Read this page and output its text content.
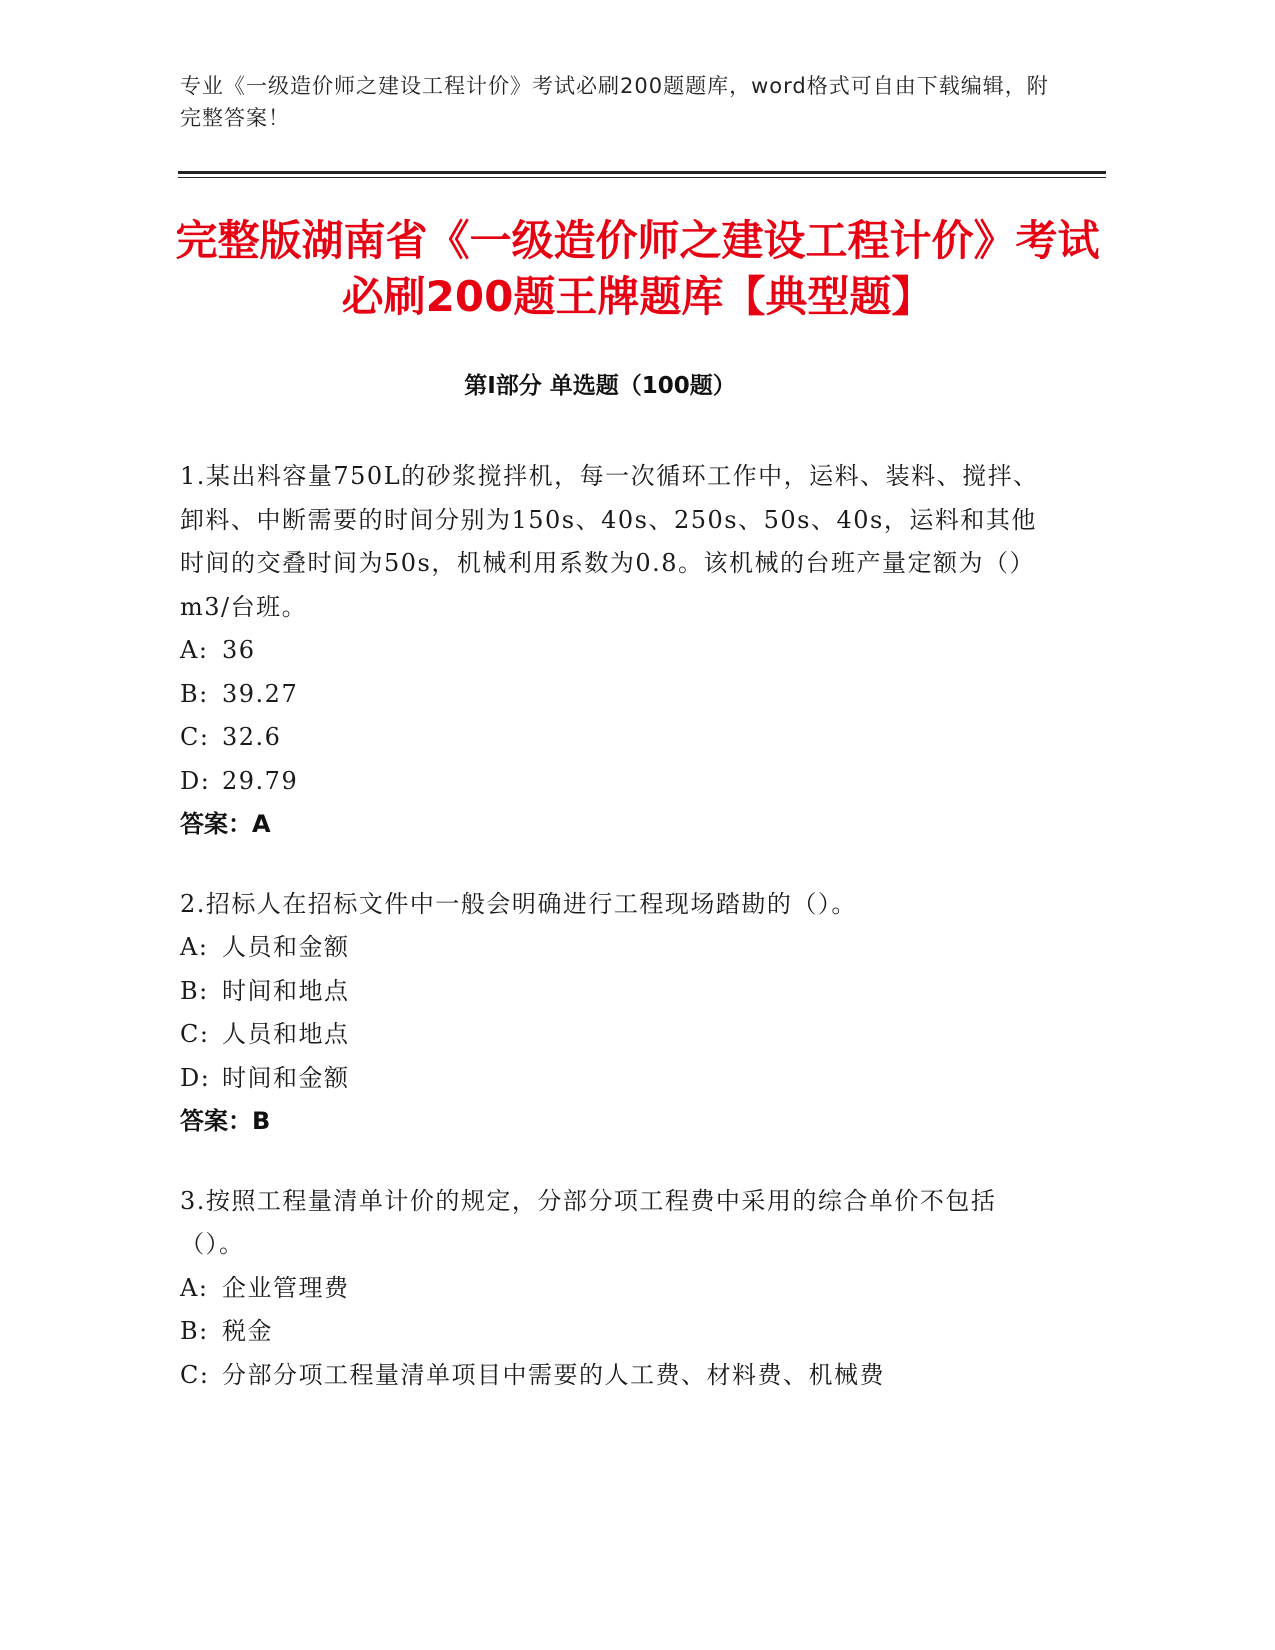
专业《一级造价师之建设工程计价》考试必刷200题题库，word格式可自由下载编辑，附完整答案！
完整版湖南省《一级造价师之建设工程计价》考试必刷200题王牌题库【典型题】
第Ⅰ部分 单选题（100题）

1.某出料容量750L的砂浆搅拌机，每一次循环工作中，运料、装料、搅拌、卸料、中断需要的时间分别为150s、40s、250s、50s、40s，运料和其他时间的交叠时间为50s，机械利用系数为0.8。该机械的台班产量定额为（）m3/台班。

A: 36
B: 39.27
C: 32.6
D: 29.79
答案：A

2.招标人在招标文件中一般会明确进行工程现场踏勘的（）。

A: 人员和金额
B: 时间和地点
C: 人员和地点
D: 时间和金额
答案：B

3.按照工程量清单计价的规定，分部分项工程费中采用的综合单价不包括（）。

A: 企业管理费
B: 税金
C: 分部分项工程量清单项目中需要的人工费、材料费、机械费
